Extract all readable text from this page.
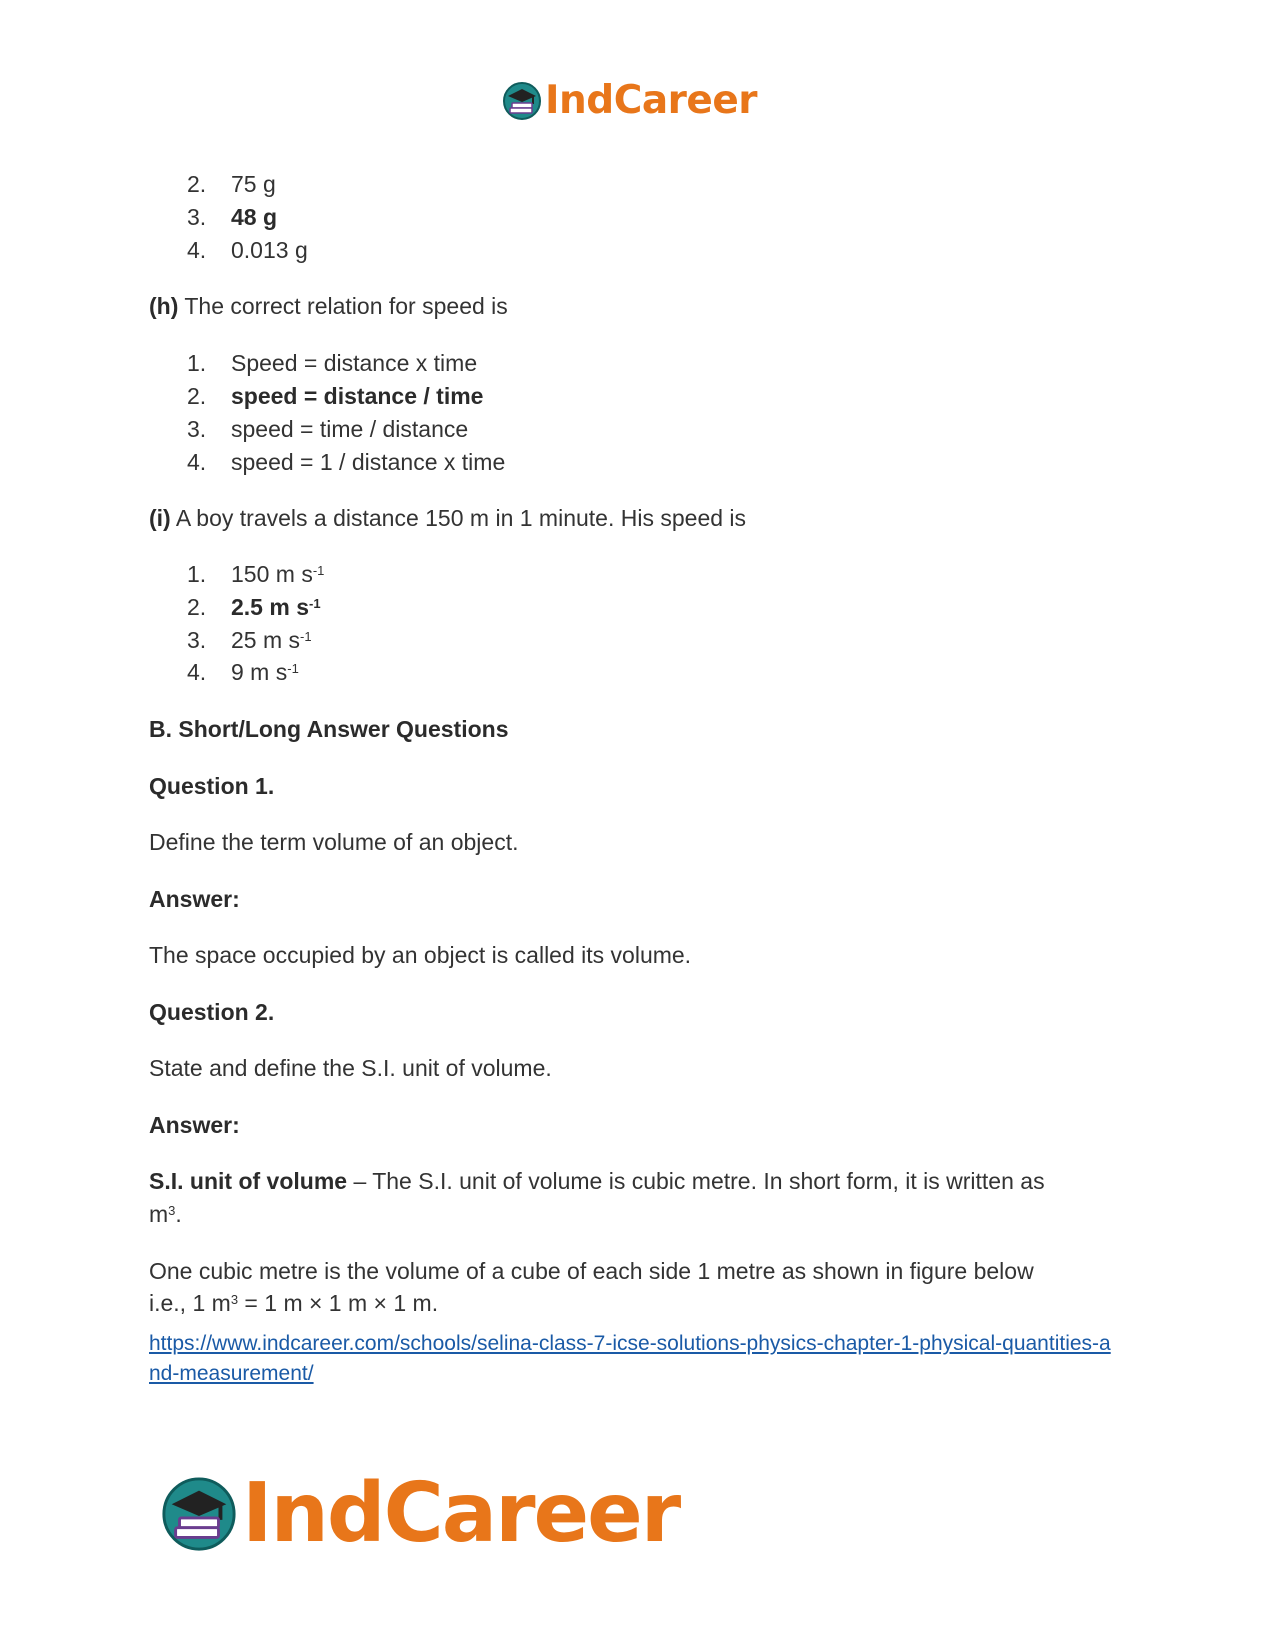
IndCareer
2. 75 g
3. 48 g
4. 0.013 g
(h) The correct relation for speed is
1. Speed = distance x time
2. speed = distance / time
3. speed = time / distance
4. speed = 1 / distance x time
(i) A boy travels a distance 150 m in 1 minute. His speed is
1. 150 m $s^{-1}$
2. 2.5 m $s^{-1}$
3. 25 m $s^{-1}$
4. 9 m $s^{-1}$
B. Short/Long Answer Questions
Question 1.
Define the term volume of an object.
Answer:
The space occupied by an object is called its volume.
Question 2.
State and define the S.I. unit of volume.
Answer:
S.I. unit of volume – The S.I. unit of volume is cubic metre. In short form, it is written as
$m^3$.
One cubic metre is the volume of a cube of each side 1 metre as shown in figure below
i.e., 1 $m^3 = 1$ m × 1 m × 1 m.
https://www.indcareer.com/schools/selina-class-7-icse-solutions-physics-chapter-1-physical-quantities-and-measurement/
IndCareer
